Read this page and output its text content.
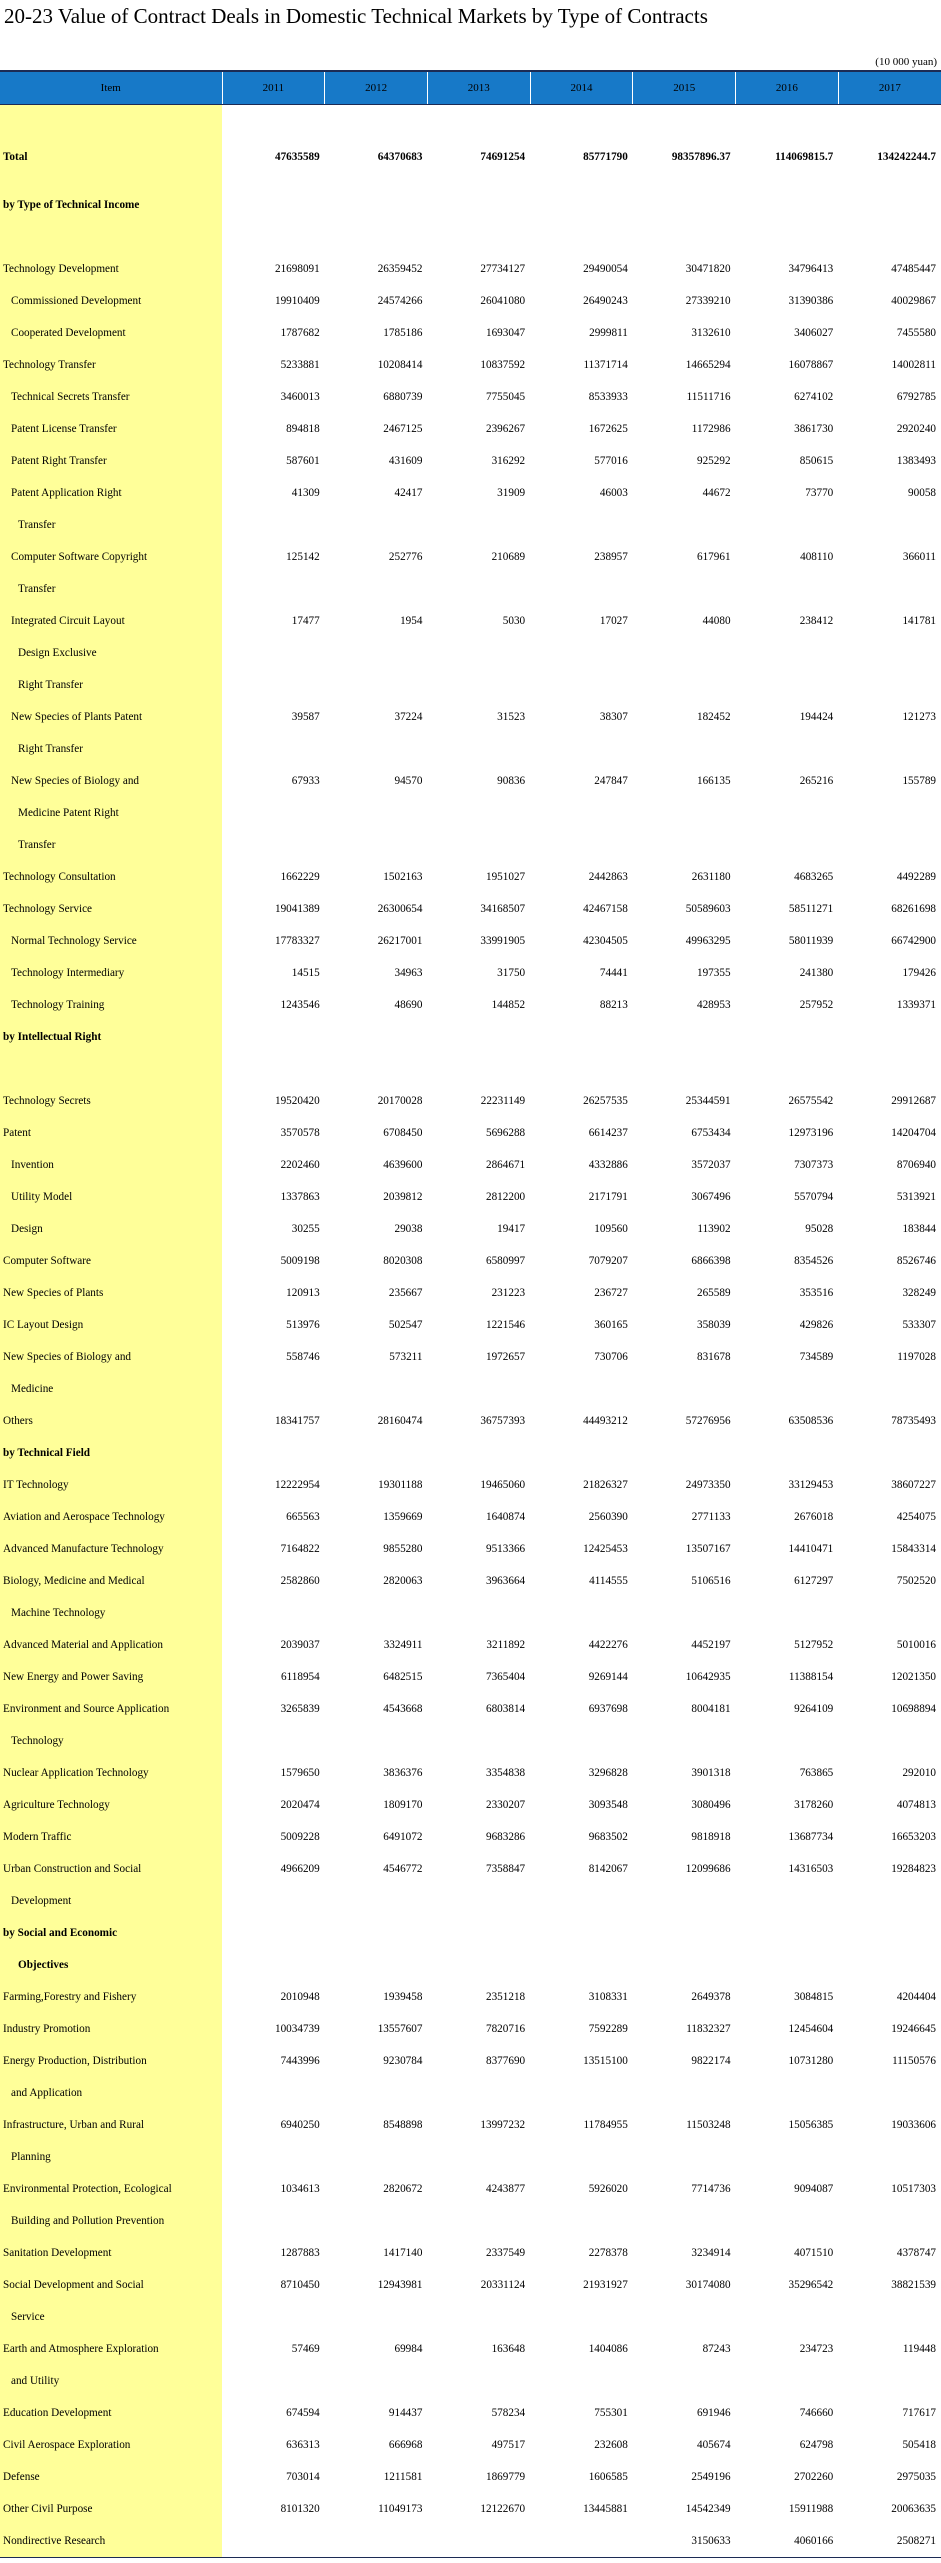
20-23 Value of Contract Deals in Domestic Technical Markets by Type of Contracts
(10 000 yuan)
Item	2011	2012	2013	2014	2015	2016	2017

Total	47635589	64370683	74691254	85771790	98357896.37	114069815.7	134242244.7
by Type of Technical Income							

Technology Development	21698091	26359452	27734127	29490054	30471820	34796413	47485447
Commissioned Development	19910409	24574266	26041080	26490243	27339210	31390386	40029867
Cooperated Development	1787682	1785186	1693047	2999811	3132610	3406027	7455580
Technology Transfer	5233881	10208414	10837592	11371714	14665294	16078867	14002811
Technical Secrets Transfer	3460013	6880739	7755045	8533933	11511716	6274102	6792785
Patent License Transfer	894818	2467125	2396267	1672625	1172986	3861730	2920240
Patent Right Transfer	587601	431609	316292	577016	925292	850615	1383493
Patent Application Right	41309	42417	31909	46003	44672	73770	90058
Transfer							
Computer Software Copyright	125142	252776	210689	238957	617961	408110	366011
Transfer							
Integrated Circuit Layout	17477	1954	5030	17027	44080	238412	141781
Design Exclusive							
Right Transfer							
New Species of Plants Patent	39587	37224	31523	38307	182452	194424	121273
Right Transfer							
New Species of Biology and	67933	94570	90836	247847	166135	265216	155789
Medicine Patent Right							
Transfer							
Technology Consultation	1662229	1502163	1951027	2442863	2631180	4683265	4492289
Technology Service	19041389	26300654	34168507	42467158	50589603	58511271	68261698
Normal Technology Service	17783327	26217001	33991905	42304505	49963295	58011939	66742900
Technology Intermediary	14515	34963	31750	74441	197355	241380	179426
Technology Training	1243546	48690	144852	88213	428953	257952	1339371
by Intellectual Right							

Technology Secrets	19520420	20170028	22231149	26257535	25344591	26575542	29912687
Patent	3570578	6708450	5696288	6614237	6753434	12973196	14204704
Invention	2202460	4639600	2864671	4332886	3572037	7307373	8706940
Utility Model	1337863	2039812	2812200	2171791	3067496	5570794	5313921
Design	30255	29038	19417	109560	113902	95028	183844
Computer Software	5009198	8020308	6580997	7079207	6866398	8354526	8526746
New Species of Plants	120913	235667	231223	236727	265589	353516	328249
IC Layout Design	513976	502547	1221546	360165	358039	429826	533307
New Species of Biology and	558746	573211	1972657	730706	831678	734589	1197028
Medicine							
Others	18341757	28160474	36757393	44493212	57276956	63508536	78735493
by Technical Field							
IT Technology	12222954	19301188	19465060	21826327	24973350	33129453	38607227
Aviation and Aerospace Technology	665563	1359669	1640874	2560390	2771133	2676018	4254075
Advanced Manufacture Technology	7164822	9855280	9513366	12425453	13507167	14410471	15843314
Biology, Medicine and Medical	2582860	2820063	3963664	4114555	5106516	6127297	7502520
Machine Technology							
Advanced Material and Application	2039037	3324911	3211892	4422276	4452197	5127952	5010016
New Energy and Power Saving	6118954	6482515	7365404	9269144	10642935	11388154	12021350
Environment and Source Application	3265839	4543668	6803814	6937698	8004181	9264109	10698894
Technology							
Nuclear Application Technology	1579650	3836376	3354838	3296828	3901318	763865	292010
Agriculture Technology	2020474	1809170	2330207	3093548	3080496	3178260	4074813
Modern Traffic	5009228	6491072	9683286	9683502	9818918	13687734	16653203
Urban Construction and Social	4966209	4546772	7358847	8142067	12099686	14316503	19284823
Development							
by Social and Economic							
Objectives							
Farming,Forestry and Fishery	2010948	1939458	2351218	3108331	2649378	3084815	4204404
Industry Promotion	10034739	13557607	7820716	7592289	11832327	12454604	19246645
Energy Production, Distribution	7443996	9230784	8377690	13515100	9822174	10731280	11150576
and Application							
Infrastructure, Urban and Rural	6940250	8548898	13997232	11784955	11503248	15056385	19033606
Planning							
Environmental Protection, Ecological	1034613	2820672	4243877	5926020	7714736	9094087	10517303
Building and Pollution Prevention							
Sanitation Development	1287883	1417140	2337549	2278378	3234914	4071510	4378747
Social Development and Social	8710450	12943981	20331124	21931927	30174080	35296542	38821539
Service							
Earth and Atmosphere Exploration	57469	69984	163648	1404086	87243	234723	119448
and Utility							
Education Development	674594	914437	578234	755301	691946	746660	717617
Civil Aerospace Exploration	636313	666968	497517	232608	405674	624798	505418
Defense	703014	1211581	1869779	1606585	2549196	2702260	2975035
Other Civil Purpose	8101320	11049173	12122670	13445881	14542349	15911988	20063635
Nondirective Research					3150633	4060166	2508271
